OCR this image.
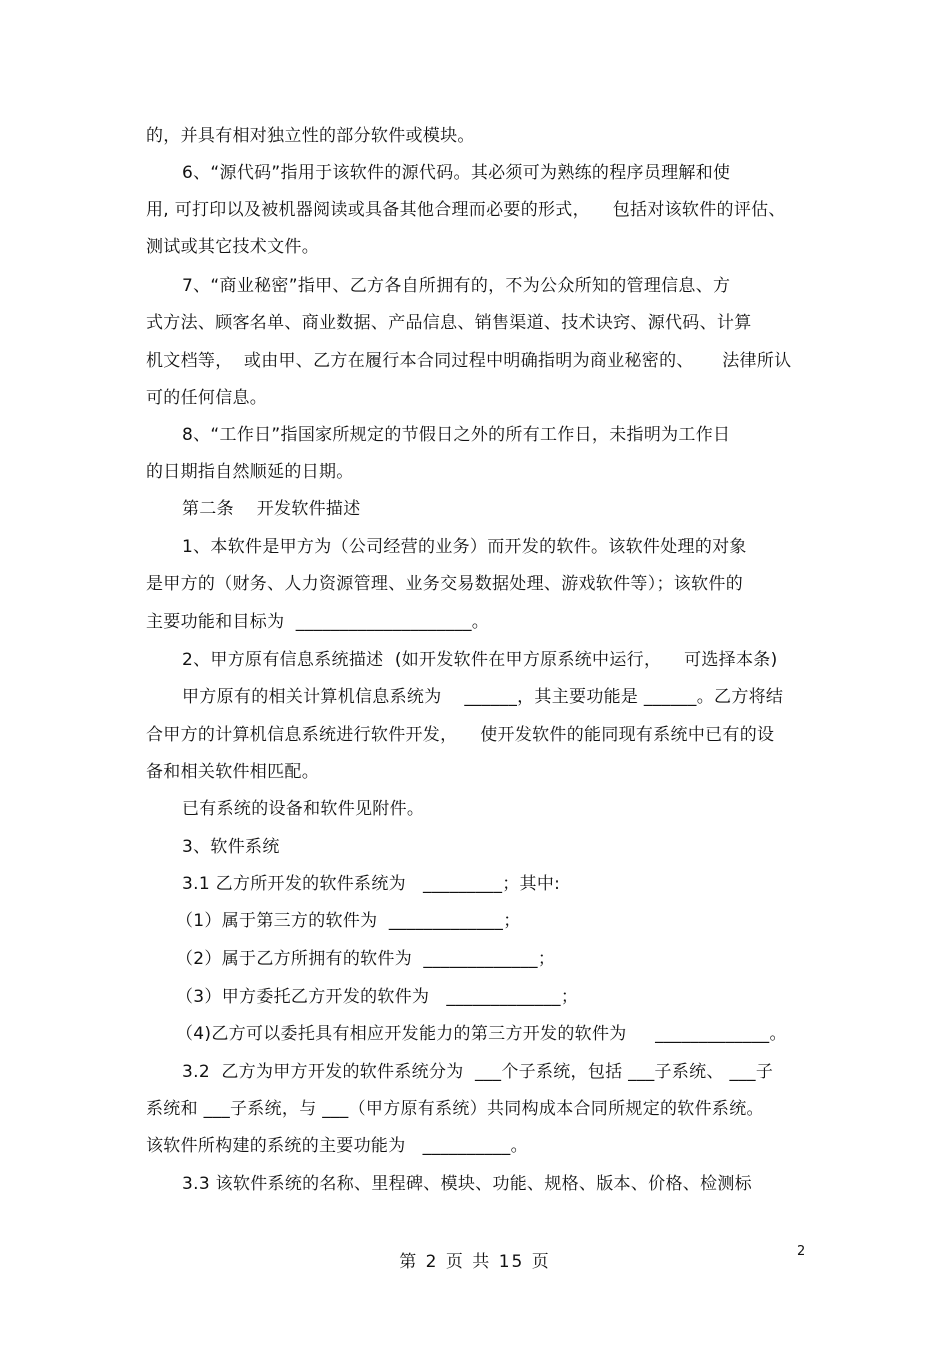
的，并具有相对独立性的部分软件或模块。
6、“源代码”指用于该软件的源代码。其必须可为熟练的程序员理解和使
用, 可打印以及被机器阅读或具备其他合理而必要的形式，    包括对该软件的评估、
测试或其它技术文件。
7、“商业秘密”指甲、乙方各自所拥有的，不为公众所知的管理信息、方
式方法、顾客名单、商业数据、产品信息、销售渠道、技术诀窍、源代码、计算
机文档等，  或由甲、乙方在履行本合同过程中明确指明为商业秘密的、     法律所认
可的任何信息。
8、“工作日”指国家所规定的节假日之外的所有工作日，未指明为工作日
的日期指自然顺延的日期。
第二条    开发软件描述
1、本软件是甲方为（公司经营的业务）而开发的软件。该软件处理的对象
是甲方的（财务、人力资源管理、业务交易数据处理、游戏软件等）；该软件的
主要功能和目标为  ____________________。
2、甲方原有信息系统描述  (如开发软件在甲方原系统中运行，    可选择本条)
甲方原有的相关计算机信息系统为    ______，其主要功能是 ______。乙方将结
合甲方的计算机信息系统进行软件开发，    使开发软件的能同现有系统中已有的设
备和相关软件相匹配。
已有系统的设备和软件见附件。
3、软件系统
3.1 乙方所开发的软件系统为   _________；其中:
（1）属于第三方的软件为  _____________；
（2）属于乙方所拥有的软件为  _____________；
（3）甲方委托乙方开发的软件为   _____________；
（4)乙方可以委托具有相应开发能力的第三方开发的软件为     _____________。
3.2  乙方为甲方开发的软件系统分为  ___个子系统，包括 ___子系统、 ___子
系统和 ___子系统，与 ___（甲方原有系统）共同构成本合同所规定的软件系统。
该软件所构建的系统的主要功能为   __________。
3.3 该软件系统的名称、里程碑、模块、功能、规格、版本、价格、检测标
第 2 页 共 15 页
2
